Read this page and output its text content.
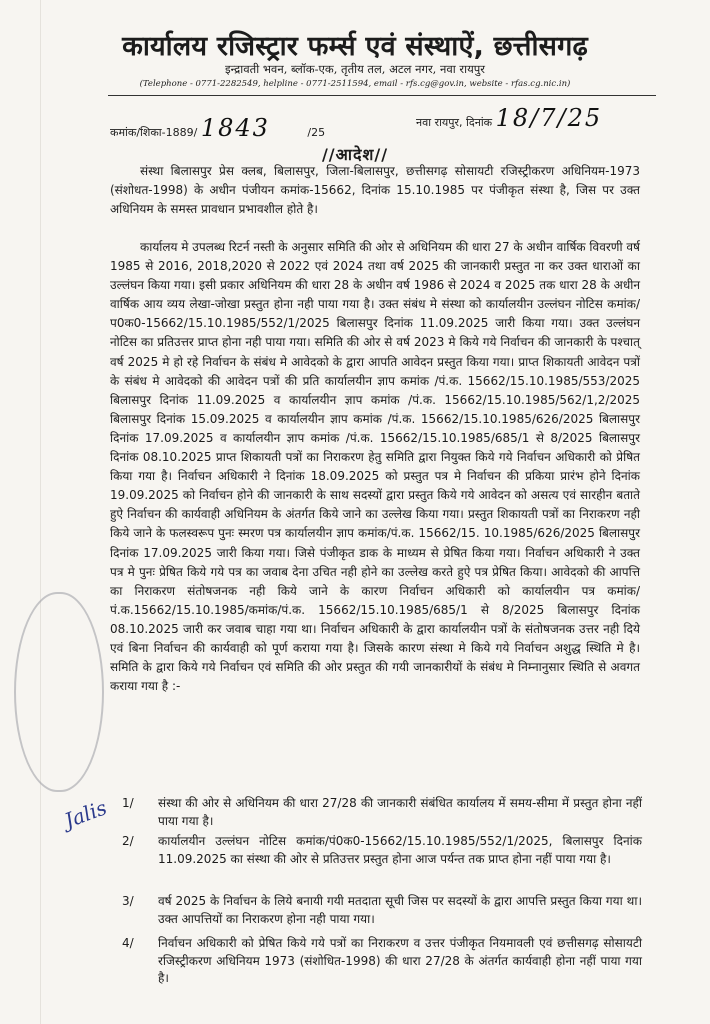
कार्यालय रजिस्ट्रार फर्म्स एवं संस्थाऐं, छत्तीसगढ़
इन्द्रावती भवन, ब्लॉक-एक, तृतीय तल, अटल नगर, नवा रायपुर
(Telephone - 0771-2282549, helpline - 0771-2511594, email - rfs.cg@gov.in, website - rfas.cg.nic.in)
कमांक/शिका-1889/ 1843	/25
नवा रायपुर, दिनांक 18/7/25
//आदेश//
संस्था बिलासपुर प्रेस क्लब, बिलासपुर, जिला-बिलासपुर, छत्तीसगढ़ सोसायटी रजिस्ट्रीकरण अधिनियम-1973 (संशोधत-1998) के अधीन पंजीयन कमांक-15662, दिनांक 15.10.1985 पर पंजीकृत संस्था है, जिस पर उक्त अधिनियम के समस्त प्रावधान प्रभावशील होते है।
कार्यालय मे उपलब्ध रिटर्न नस्ती के अनुसार समिति की ओर से अधिनियम की धारा 27 के अधीन वार्षिक विवरणी वर्ष 1985 से 2016, 2018,2020 से 2022 एवं 2024 तथा वर्ष 2025 की जानकारी प्रस्तुत ना कर उक्त धाराओं का उल्लंघन किया गया। इसी प्रकार अधिनियम की धारा 28 के अधीन वर्ष 1986 से 2024 व 2025 तक धारा 28 के अधीन वार्षिक आय व्यय लेखा-जोखा प्रस्तुत होना नही पाया गया है। उक्त संबंध मे संस्था को कार्यालयीन उल्लंघन नोटिस कमांक/प0क0-15662/15.10.1985/552/1/2025 बिलासपुर दिनांक 11.09.2025 जारी किया गया। उक्त उल्लंघन नोटिस का प्रतिउत्तर प्राप्त होना नही पाया गया। समिति की ओर से वर्ष 2023 मे किये गये निर्वाचन की जानकारी के पश्चात् वर्ष 2025 मे हो रहे निर्वाचन के संबंध मे आवेदको के द्वारा आपति आवेदन प्रस्तुत किया गया। प्राप्त शिकायती आवेदन पत्रों के संबंध मे आवेदको की आवेदन पत्रों की प्रति कार्यालयीन ज्ञाप कमांक /पं.क. 15662/15.10.1985/553/2025 बिलासपुर दिनांक 11.09.2025 व कार्यालयीन ज्ञाप कमांक /पं.क. 15662/15.10.1985/562/1,2/2025 बिलासपुर दिनांक 15.09.2025 व कार्यालयीन ज्ञाप कमांक /पं.क. 15662/15.10.1985/626/2025 बिलासपुर दिनांक 17.09.2025 व कार्यालयीन ज्ञाप कमांक /पं.क. 15662/15.10.1985/685/1 से 8/2025 बिलासपुर दिनांक 08.10.2025 प्राप्त शिकायती पत्रों का निराकरण हेतु समिति द्वारा नियुक्त किये गये निर्वाचन अधिकारी को प्रेषित किया गया है। निर्वाचन अधिकारी ने दिनांक 18.09.2025 को प्रस्तुत पत्र मे निर्वाचन की प्रकिया प्रारंभ होने दिनांक 19.09.2025 को निर्वाचन होने की जानकारी के साथ सदस्यों द्वारा प्रस्तुत किये गये आवेदन को असत्य एवं सारहीन बताते हुऐ निर्वाचन की कार्यवाही अधिनियम के अंतर्गत किये जाने का उल्लेख किया गया। प्रस्तुत शिकायती पत्रों का निराकरण नही किये जाने के फलस्वरूप पुनः स्मरण पत्र कार्यालयीन ज्ञाप कमांक/पं.क. 15662/15. 10.1985/626/2025 बिलासपुर दिनांक 17.09.2025 जारी किया गया। जिसे पंजीकृत डाक के माध्यम से प्रेषित किया गया। निर्वाचन अधिकारी ने उक्त पत्र मे पुनः प्रेषित किये गये पत्र का जवाब देना उचित नही होने का उल्लेख करते हुऐ पत्र प्रेषित किया। आवेदको की आपत्ति का निराकरण संतोषजनक नही किये जाने के कारण निर्वाचन अधिकारी को कार्यालयीन पत्र कमांक/पं.क.15662/15.10.1985/कमांक/पं.क. 15662/15.10.1985/685/1 से 8/2025 बिलासपुर दिनांक 08.10.2025 जारी कर जवाब चाहा गया था। निर्वाचन अधिकारी के द्वारा कार्यालयीन पत्रों के संतोषजनक उत्तर नही दिये एवं बिना निर्वाचन की कार्यवाही को पूर्ण कराया गया है। जिसके कारण संस्था मे किये गये निर्वाचन अशुद्ध स्थिति मे है। समिति के द्वारा किये गये निर्वाचन एवं समिति की ओर प्रस्तुत की गयी जानकारीयों के संबंध मे निम्नानुसार स्थिति से अवगत कराया गया है :-
1/	संस्था की ओर से अधिनियम की धारा 27/28 की जानकारी संबंधित कार्यालय में समय-सीमा में प्रस्तुत होना नहीं पाया गया है।
2/	कार्यालयीन उल्लंघन नोटिस कमांक/पं0क0-15662/15.10.1985/552/1/2025, बिलासपुर दिनांक 11.09.2025 का संस्था की ओर से प्रतिउत्तर प्रस्तुत होना आज पर्यन्त तक प्राप्त होना नहीं पाया गया है।
3/	वर्ष 2025 के निर्वाचन के लिये बनायी गयी मतदाता सूची जिस पर सदस्यों के द्वारा आपत्ति प्रस्तुत किया गया था। उक्त आपत्तियों का निराकरण होना नही पाया गया।
4/	निर्वाचन अधिकारी को प्रेषित किये गये पत्रों का निराकरण व उत्तर पंजीकृत नियमावली एवं छत्तीसगढ़ सोसायटी रजिस्ट्रीकरण अधिनियम 1973 (संशोधित-1998) की धारा 27/28 के अंतर्गत कार्यवाही होना नहीं पाया गया है।
Jalis
